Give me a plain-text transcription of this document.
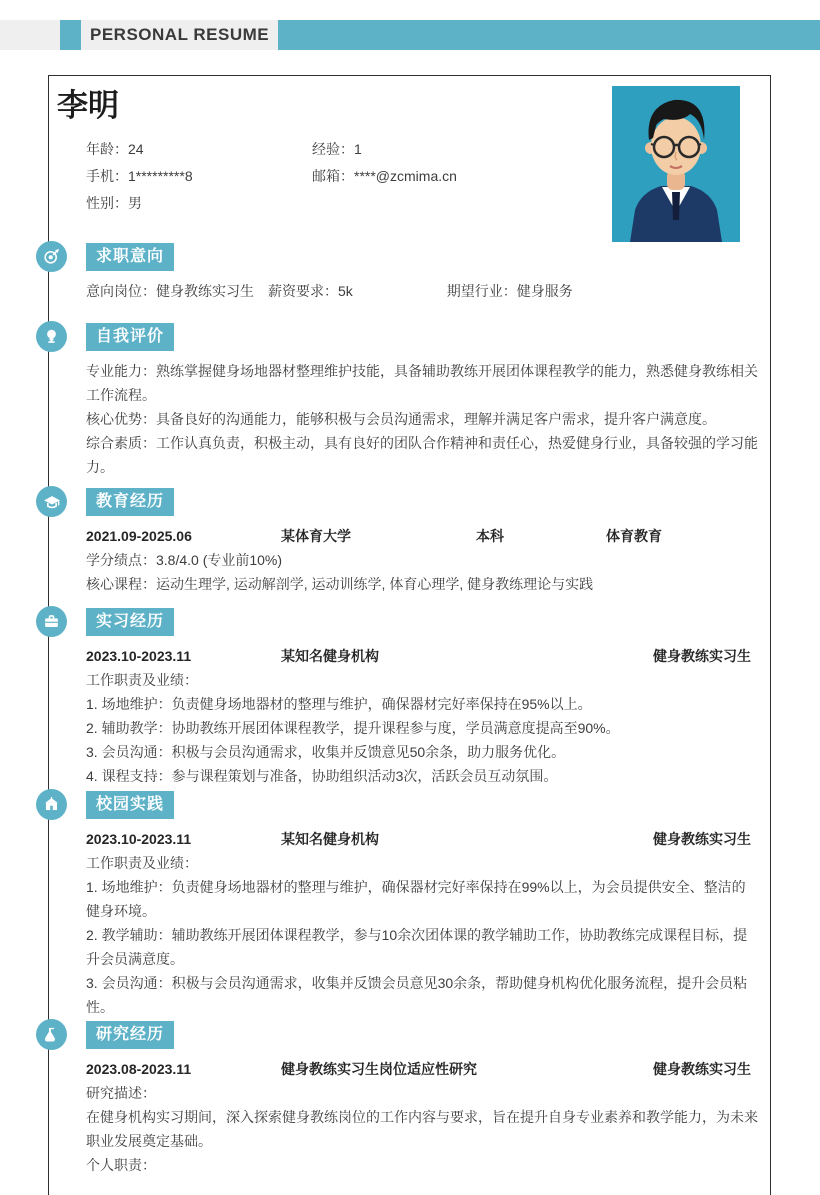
PERSONAL RESUME
李明
年龄：24	经验：1
手机：1*********8	邮箱：****@zcmima.cn
性别：男
求职意向
意向岗位：健身教练实习生 薪资要求：5k	期望行业：健身服务
自我评价

专业能力：熟练掌握健身场地器材整理维护技能，具备辅助教练开展团体课程教学的能力，熟悉健身教练相关工作流程。

核心优势：具备良好的沟通能力，能够积极与会员沟通需求，理解并满足客户需求，提升客户满意度。

综合素质：工作认真负责，积极主动，具有良好的团队合作精神和责任心，热爱健身行业，具备较强的学习能力。

教育经历
2021.09-2025.06	某体育大学	本科	体育教育

学分绩点：3.8/4.0 (专业前10%)

核心课程：运动生理学, 运动解剖学, 运动训练学, 体育心理学, 健身教练理论与实践

实习经历
2023.10-2023.11	某知名健身机构	健身教练实习生

工作职责及业绩：

1. 场地维护：负责健身场地器材的整理与维护，确保器材完好率保持在95%以上。

2. 辅助教学：协助教练开展团体课程教学，提升课程参与度，学员满意度提高至90%。

3. 会员沟通：积极与会员沟通需求，收集并反馈意见50余条，助力服务优化。

4. 课程支持：参与课程策划与准备，协助组织活动3次，活跃会员互动氛围。

校园实践
2023.10-2023.11	某知名健身机构	健身教练实习生

工作职责及业绩：

1. 场地维护：负责健身场地器材的整理与维护，确保器材完好率保持在99%以上，为会员提供安全、整洁的健身环境。

2. 教学辅助：辅助教练开展团体课程教学，参与10余次团体课的教学辅助工作，协助教练完成课程目标，提升会员满意度。

3. 会员沟通：积极与会员沟通需求，收集并反馈会员意见30余条，帮助健身机构优化服务流程，提升会员粘性。

研究经历
2023.08-2023.11	健身教练实习生岗位适应性研究	健身教练实习生

研究描述：

在健身机构实习期间，深入探索健身教练岗位的工作内容与要求，旨在提升自身专业素养和教学能力，为未来职业发展奠定基础。

个人职责：
